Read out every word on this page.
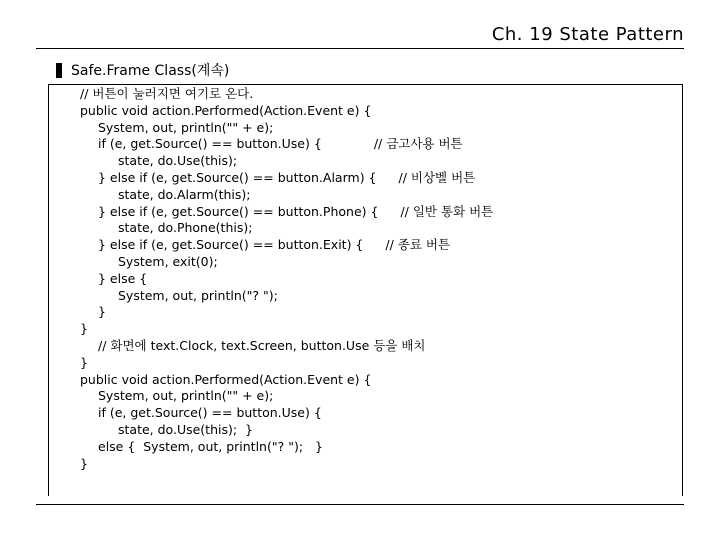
Ch. 19 State Pattern
Safe.Frame Class(계속)
// 버튼이 눌러지면 여기로 온다.
public void action.Performed(Action.Event e) {
System, out, println("" + e);
if (e, get.Source() == button.Use) {	// 금고사용 버튼
state, do.Use(this);
} else if (e, get.Source() == button.Alarm) { // 비상벨 버튼
state, do.Alarm(this);
} else if (e, get.Source() == button.Phone) { // 일반 통화 버튼
state, do.Phone(this);
} else if (e, get.Source() == button.Exit) { // 종료 버튼
System, exit(0);
} else {
System, out, println("? ");
}
}
// 화면에 text.Clock, text.Screen, button.Use 등을 배치
}
public void action.Performed(Action.Event e) {
System, out, println("" + e);
if (e, get.Source() == button.Use) {
state, do.Use(this);  }
else {  System, out, println("? ");   }
}
